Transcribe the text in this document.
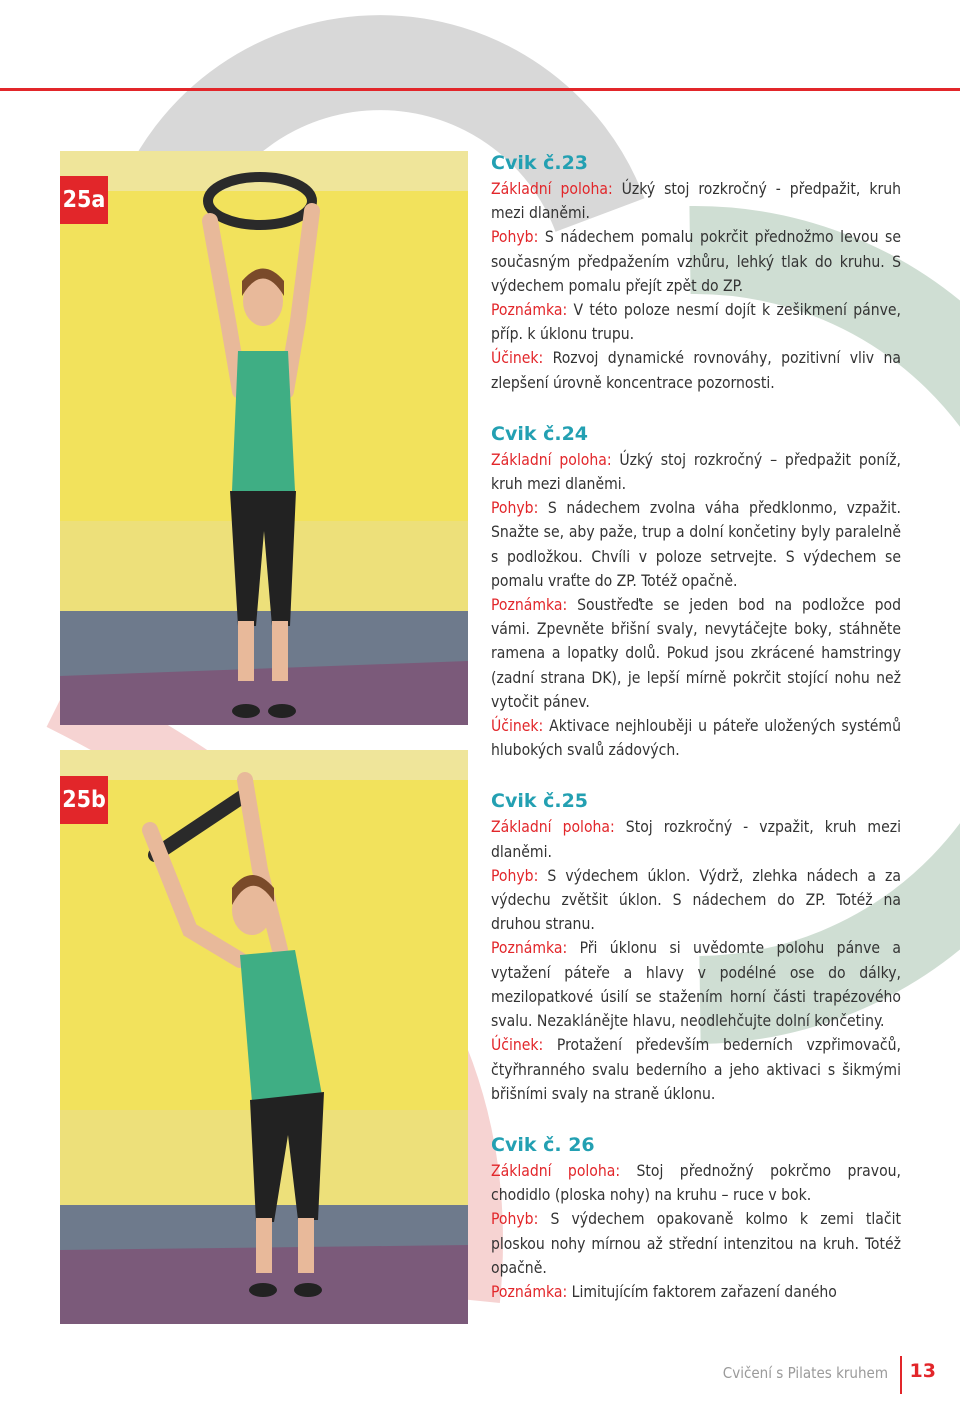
25a
25b
Cvik č.23

Základní poloha: Úzký stoj rozkročný - předpažit, kruh mezi dlaněmi.

Pohyb: S nádechem pomalu pokrčit přednožmo levou se současným předpažením vzhůru, lehký tlak do kruhu. S výdechem pomalu přejít zpět do ZP.

Poznámka: V této poloze nesmí dojít k zešikmení pánve, příp. k úklonu trupu.

Účinek: Rozvoj dynamické rovnováhy, pozitivní vliv na zlepšení úrovně koncentrace pozornosti.

Cvik č.24

Základní poloha: Úzký stoj rozkročný – předpažit poníž, kruh mezi dlaněmi.

Pohyb: S nádechem zvolna váha předklonmo, vzpažit. Snažte se, aby paže, trup a dolní končetiny byly paralelně s podložkou. Chvíli v poloze setrvejte. S výdechem se pomalu vraťte do ZP. Totéž opačně.

Poznámka: Soustřeďte se jeden bod na podložce pod vámi. Zpevněte břišní svaly, nevytáčejte boky, stáhněte ramena a lopatky dolů. Pokud jsou zkrácené hamstringy (zadní strana DK), je lepší mírně pokrčit stojící nohu než vytočit pánev.

Účinek: Aktivace nejhlouběji u páteře uložených systémů hlubokých svalů zádových.

Cvik č.25

Základní poloha: Stoj rozkročný - vzpažit, kruh mezi dlaněmi.

Pohyb: S výdechem úklon. Výdrž, zlehka nádech a za výdechu zvětšit úklon. S nádechem do ZP. Totéž na druhou stranu.

Poznámka: Při úklonu si uvědomte polohu pánve a vytažení páteře a hlavy v podélné ose do dálky, mezilopatkové úsilí se stažením horní části trapézového svalu. Nezaklánějte hlavu, neodlehčujte dolní končetiny.

Účinek: Protažení především bederních vzpřimovačů, čtyřhranného svalu bederního a jeho aktivaci s šikmými břišními svaly na straně úklonu.

Cvik č. 26

Základní poloha: Stoj přednožný pokrčmo pravou, chodidlo (ploska nohy) na kruhu – ruce v bok.

Pohyb: S výdechem opakovaně kolmo k zemi tlačit ploskou nohy mírnou až střední intenzitou na kruh. Totéž opačně.

Poznámka: Limitujícím faktorem zařazení daného

Cvičení s Pilates kruhem 13
